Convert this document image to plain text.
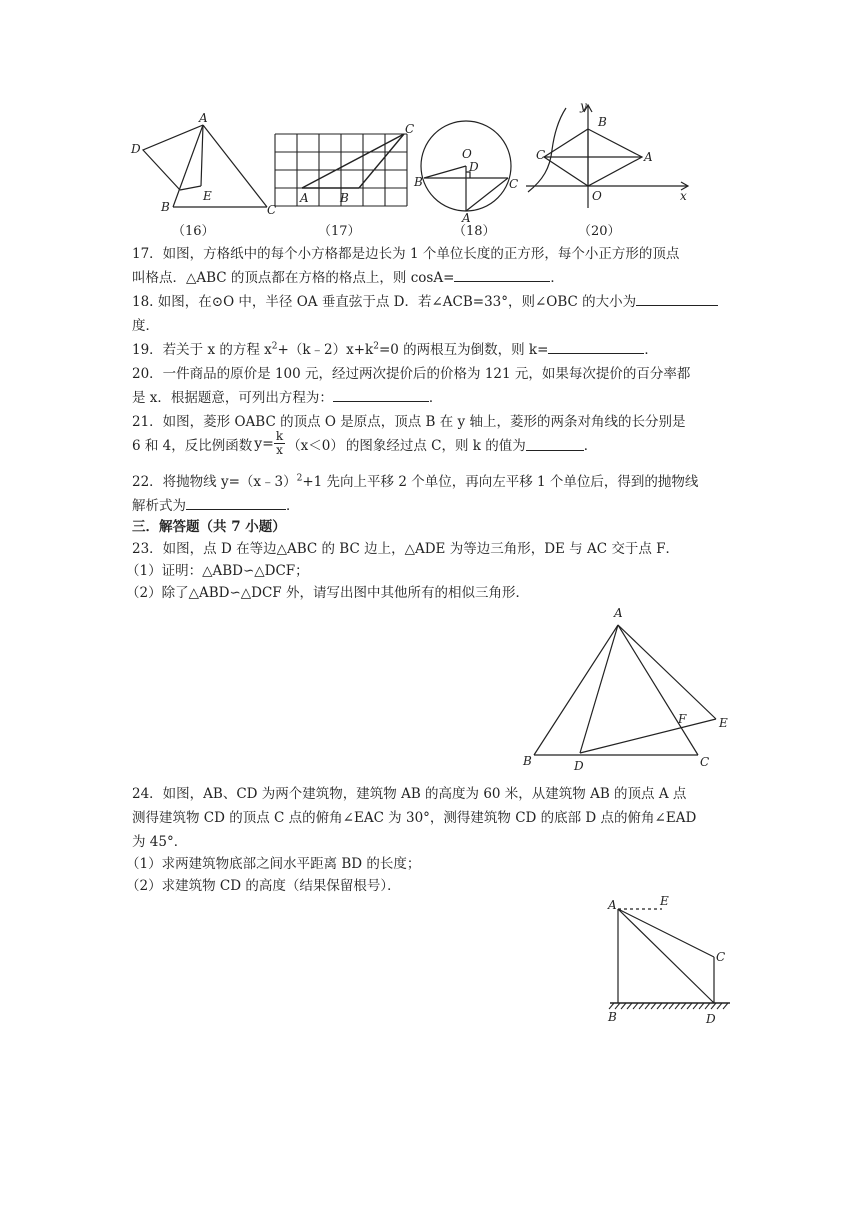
A
D
E
B	C
A	B
C
O
D
B	C
A
y
B
C	A
O	x
（16）	（17）	（18）	（20）
17．如图，方格纸中的每个小方格都是边长为 1 个单位长度的正方形，每个小正方形的顶点
叫格点．△ABC 的顶点都在方格的格点上，则 cosA=	．
18. 如图，在⊙O 中，半径 OA 垂直弦于点 D．若∠ACB=33°，则∠OBC 的大小为
度．
19．若关于 x 的方程 $x^2+(k﹣2)x+k^2=0$ 的两根互为倒数，则 k=	．
20．一件商品的原价是 100 元，经过两次提价后的价格为 121 元，如果每次提价的百分率都
是 x．根据题意，可列出方程为：	．
21．如图，菱形 OABC 的顶点 O 是原点，顶点 B 在 y 轴上，菱形的两条对角线的长分别是
6 和 4，反比例函数 $y= \frac{k}{x} (x<0)$ 的图象经过点 C，则 k 的值为	．
22．将抛物线 y=（x﹣3）$^2$+1 先向上平移 2 个单位，再向左平移 1 个单位后，得到的抛物线
解析式为	．
三．解答题（共 7 小题）
23．如图，点 D 在等边△ABC 的 BC 边上，△ADE 为等边三角形，DE 与 AC 交于点 F．
（1）证明：△ABD∽△DCF；
（2）除了△ABD∽△DCF 外，请写出图中其他所有的相似三角形．
A
B	C
D
E
F
24．如图，AB、CD 为两个建筑物，建筑物 AB 的高度为 60 米，从建筑物 AB 的顶点 A 点
测得建筑物 CD 的顶点 C 点的俯角∠EAC 为 30°，测得建筑物 CD 的底部 D 点的俯角∠EAD
为 45°．
（1）求两建筑物底部之间水平距离 BD 的长度；
（2）求建筑物 CD 的高度（结果保留根号）．
A	E
C
B	D
